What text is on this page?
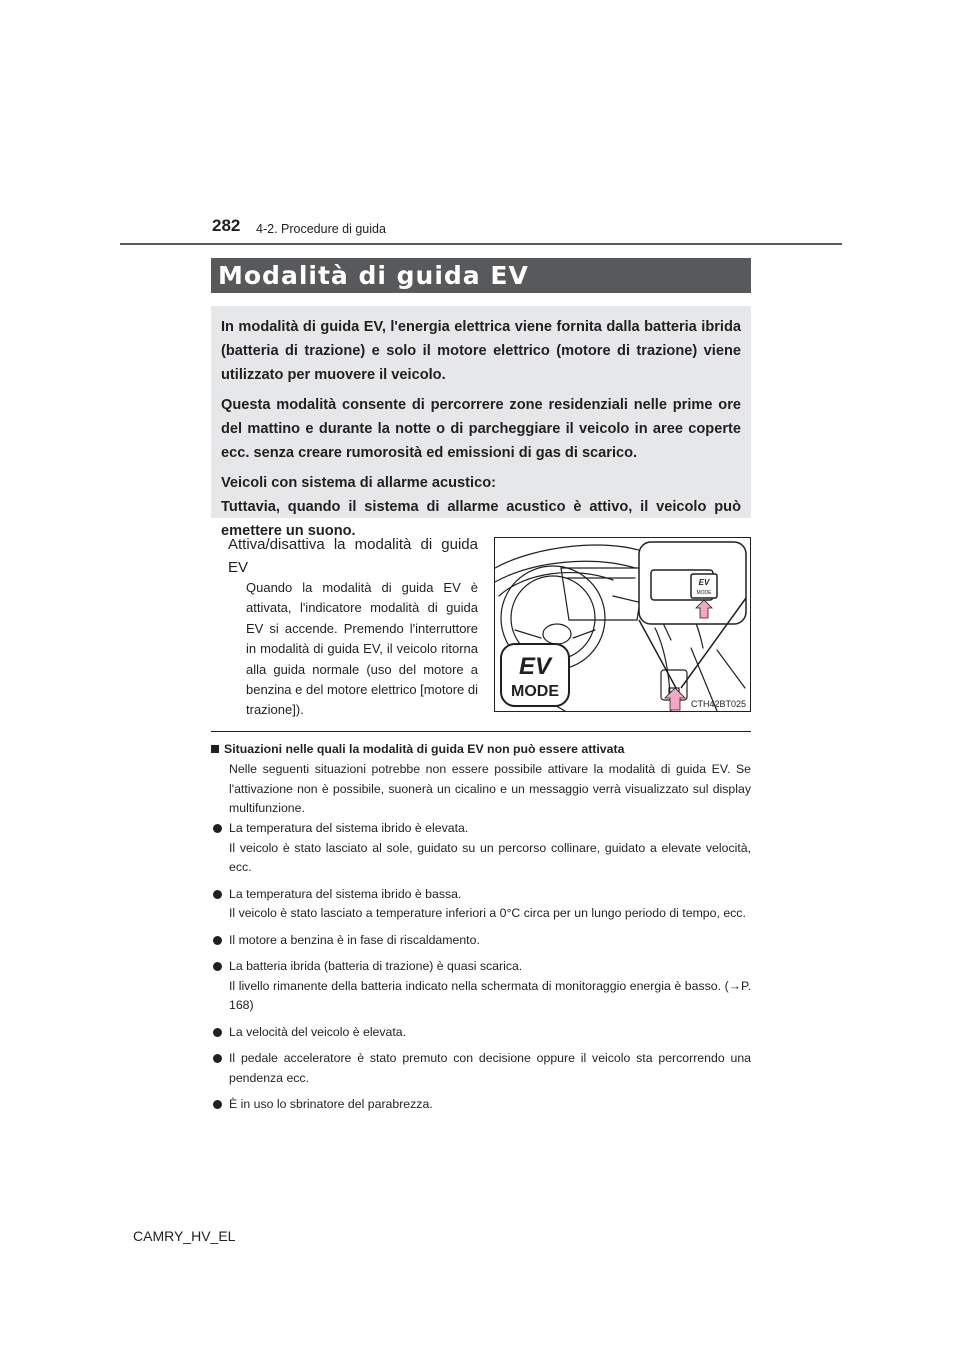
282 4-2. Procedure di guida
Modalità di guida EV

In modalità di guida EV, l'energia elettrica viene fornita dalla batteria ibrida (batteria di trazione) e solo il motore elettrico (motore di trazione) viene utilizzato per muovere il veicolo.

Questa modalità consente di percorrere zone residenziali nelle prime ore del mattino e durante la notte o di parcheggiare il veicolo in aree coperte ecc. senza creare rumorosità ed emissioni di gas di scarico.

Veicoli con sistema di allarme acustico:

Tuttavia, quando il sistema di allarme acustico è attivo, il veicolo può emettere un suono.

Attiva/disattiva la modalità di guida EV
Quando la modalità di guida EV è attivata, l'indicatore modalità di guida EV si accende. Premendo l'interruttore in modalità di guida EV, il veicolo ritorna alla guida normale (uso del motore a benzina e del motore elettrico [motore di trazione]).
EV
MODE
EV
MODE
CTH42BT025
Situazioni nelle quali la modalità di guida EV non può essere attivata
Nelle seguenti situazioni potrebbe non essere possibile attivare la modalità di guida EV. Se l'attivazione non è possibile, suonerà un cicalino e un messaggio verrà visualizzato sul display multifunzione.
La temperatura del sistema ibrido è elevata.
Il veicolo è stato lasciato al sole, guidato su un percorso collinare, guidato a elevate velocità, ecc.
La temperatura del sistema ibrido è bassa.
Il veicolo è stato lasciato a temperature inferiori a 0°C circa per un lungo periodo di tempo, ecc.
Il motore a benzina è in fase di riscaldamento.
La batteria ibrida (batteria di trazione) è quasi scarica.
Il livello rimanente della batteria indicato nella schermata di monitoraggio energia è basso. (→P. 168)
La velocità del veicolo è elevata.
Il pedale acceleratore è stato premuto con decisione oppure il veicolo sta percorrendo una pendenza ecc.
È in uso lo sbrinatore del parabrezza.
CAMRY_HV_EL
